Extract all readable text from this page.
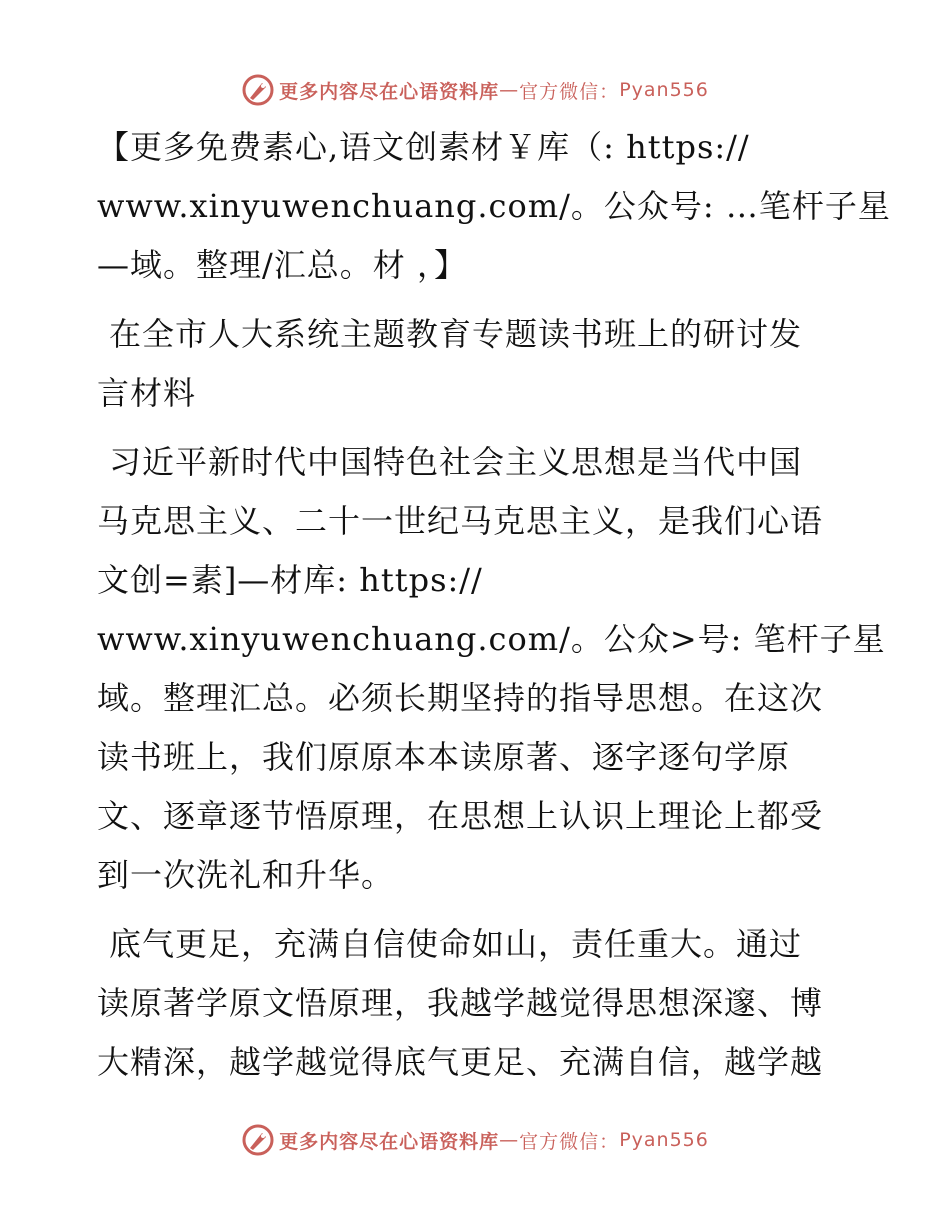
更多内容尽在心语资料库 — 官方微信： Pyan556

【更多免费素心,语文创素材￥库（: https://
www.xinyuwenchuang.com/。公众号: …笔杆子星
—域。整理/汇总。材 ，】

在全市人大系统主题教育专题读书班上的研讨发
言材料

习近平新时代中国特色社会主义思想是当代中国
马克思主义、二十一世纪马克思主义，是我们心语
文创=素]—材库: https://
www.xinyuwenchuang.com/。公众>号: 笔杆子星
域。整理汇总。必须长期坚持的指导思想。在这次
读书班上，我们原原本本读原著、逐字逐句学原
文、逐章逐节悟原理，在思想上认识上理论上都受
到一次洗礼和升华。

底气更足，充满自信使命如山，责任重大。通过
读原著学原文悟原理，我越学越觉得思想深邃、博
大精深，越学越觉得底气更足、充满自信，越学越

更多内容尽在心语资料库 — 官方微信： Pyan556
